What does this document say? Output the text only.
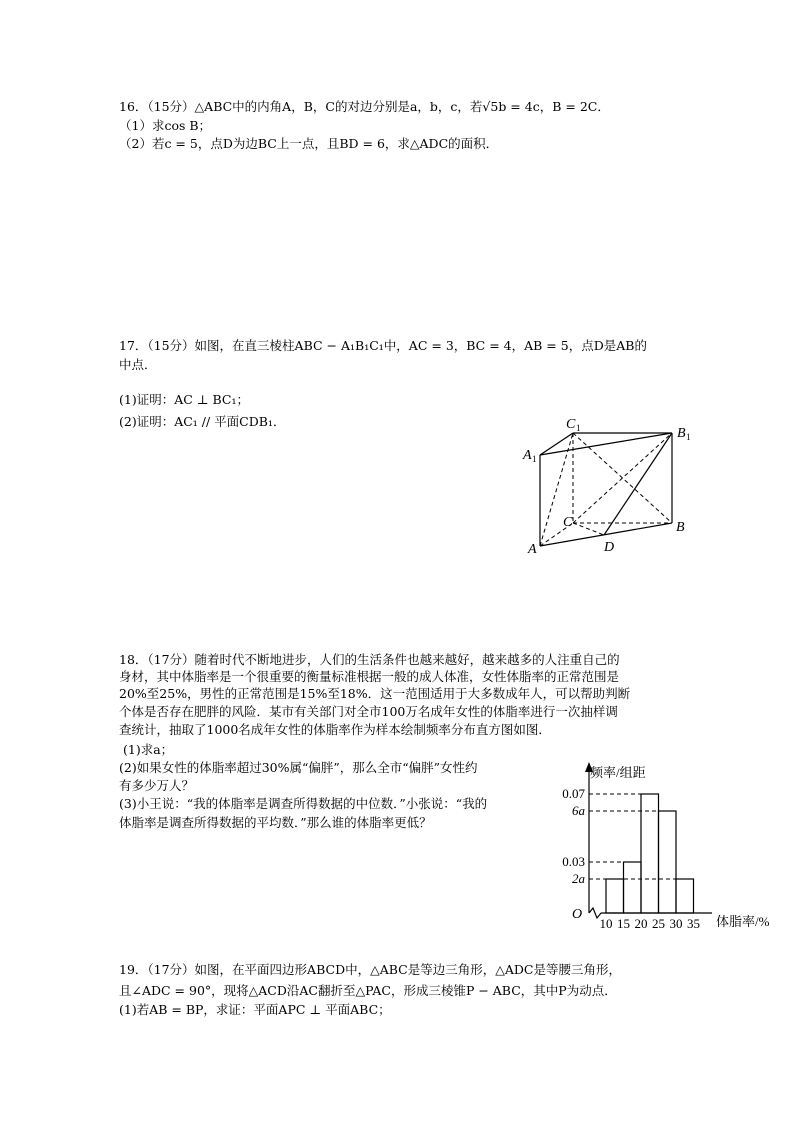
16．（15分）△ABC中的内角A，B，C的对边分别是a，b，c，若√5b = 4c，B = 2C．
（1）求cos B；
（2）若c = 5，点D为边BC上一点，且BD = 6，求△ADC的面积．
17．（15分）如图，在直三棱柱ABC − A₁B₁C₁中，AC = 3，BC = 4，AB = 5，点D是AB的
中点．
(1)证明：AC ⊥ BC₁；
(2)证明：AC₁ // 平面CDB₁．	C 1	B 1
A 1
C	B
A	D
18．（17分）随着时代不断地进步，人们的生活条件也越来越好，越来越多的人注重自己的
身材，其中体脂率是一个很重要的衡量标准根据一般的成人体准，女性体脂率的正常范围是
20%至25%，男性的正常范围是15%至18%．这一范围适用于大多数成年人，可以帮助判断
个体是否存在肥胖的风险．某市有关部门对全市100万名成年女性的体脂率进行一次抽样调
查统计，抽取了1000名成年女性的体脂率作为样本绘制频率分布直方图如图．
(1)求a；
(2)如果女性的体脂率超过30%属“偏胖”，那么全市“偏胖”女性约
有多少万人？
(3)小王说：“我的体脂率是调查所得数据的中位数．”小张说：“我的
体脂率是调查所得数据的平均数．”那么谁的体脂率更低？
频率/组距
体脂率/%
O
0.07
6a
0.03
2a
10 15 20 25 30 35
19．（17分）如图，在平面四边形ABCD中，△ABC是等边三角形，△ADC是等腰三角形，
且∠ADC = 90°，现将△ACD沿AC翻折至△PAC，形成三棱锥P − ABC，其中P为动点．
(1)若AB = BP，求证：平面APC ⊥ 平面ABC；
